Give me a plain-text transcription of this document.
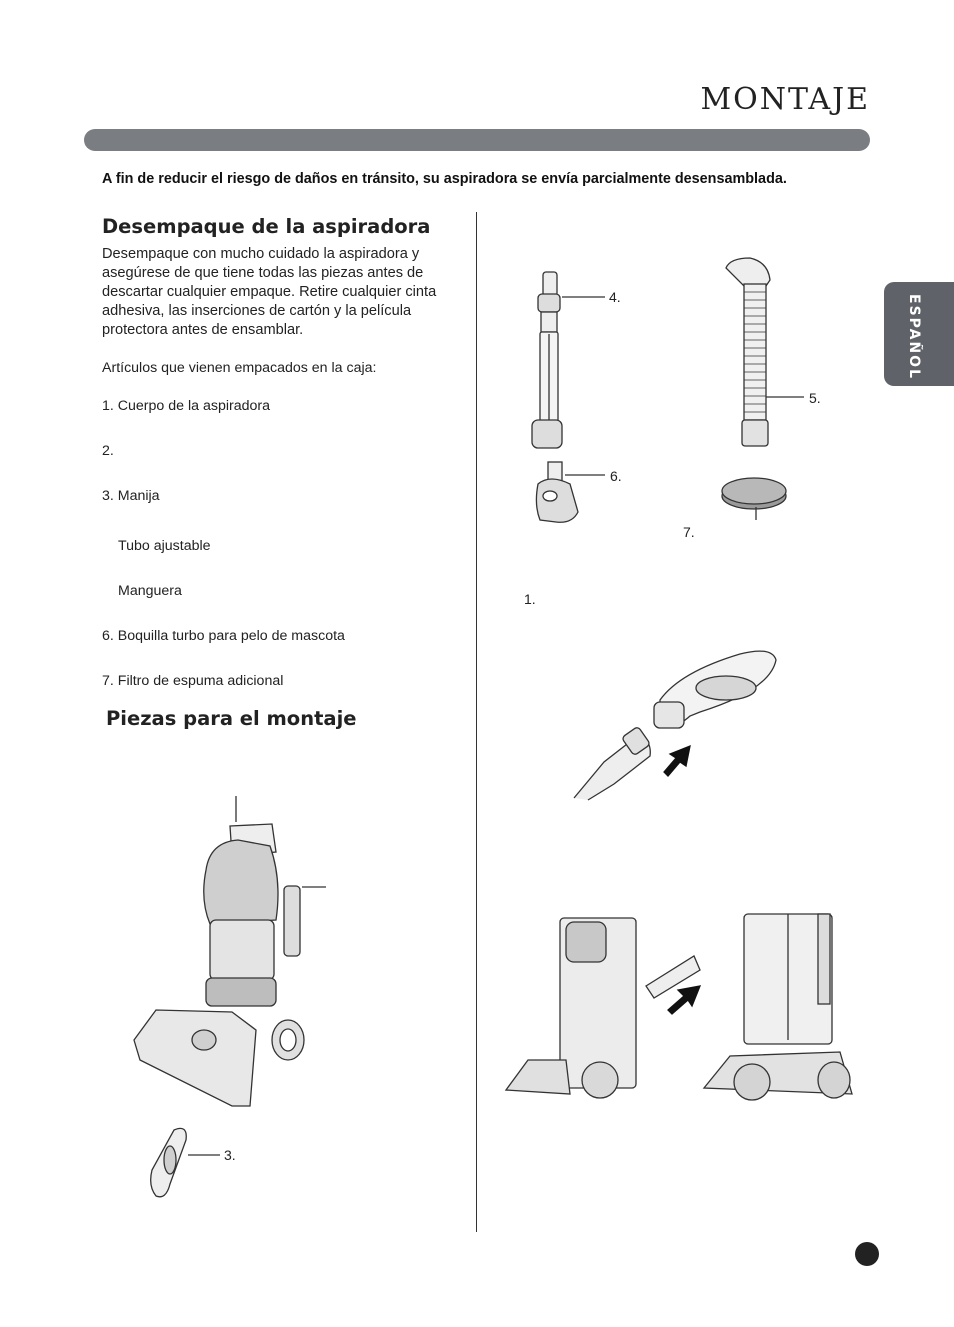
MONTAJE
ESPAÑOL
A fin de reducir el riesgo de daños en tránsito, su aspiradora se envía parcialmente desensamblada.
Desempaque de la aspiradora
Desempaque con mucho cuidado la aspiradora y asegúrese de que tiene todas las piezas antes de descartar cualquier empaque. Retire cualquier cinta adhesiva, las inserciones de cartón y la película protectora antes de ensamblar.
Artículos que vienen empacados en la caja:
1. Cuerpo de la aspiradora
2.
3. Manija
Tubo ajustable
Manguera
6. Boquilla turbo para pelo de mascota
7. Filtro de espuma adicional
Piezas para el montaje
4.
5.
6.
7.
1.
3.
